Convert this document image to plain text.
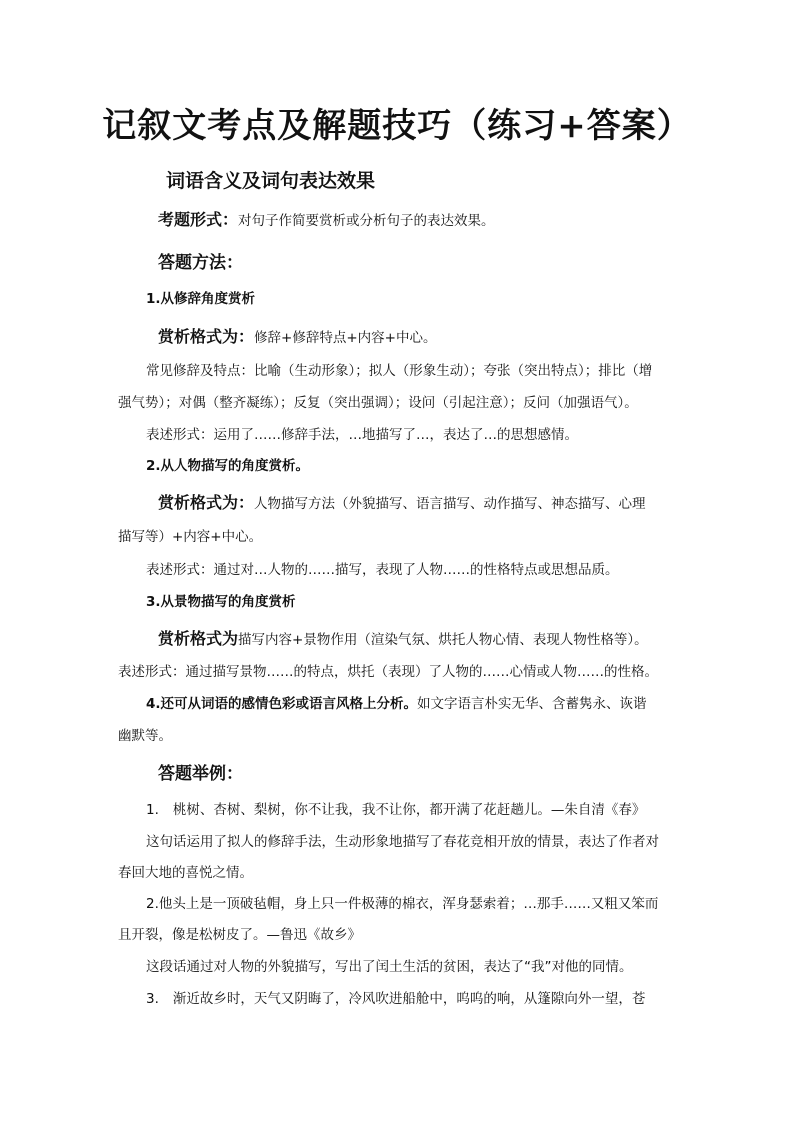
记叙文考点及解题技巧（练习+答案）
词语含义及词句表达效果
考题形式：对句子作简要赏析或分析句子的表达效果。
答题方法：
1.从修辞角度赏析
赏析格式为：修辞+修辞特点+内容+中心。
常见修辞及特点：比喻（生动形象）；拟人（形象生动）；夸张（突出特点）；排比（增
强气势）；对偶（整齐凝练）；反复（突出强调）；设问（引起注意）；反问（加强语气）。
表述形式：运用了……修辞手法，…地描写了…，表达了…的思想感情。
2.从人物描写的角度赏析。
赏析格式为：人物描写方法（外貌描写、语言描写、动作描写、神态描写、心理
描写等）+内容+中心。
表述形式：通过对…人物的……描写，表现了人物……的性格特点或思想品质。
3.从景物描写的角度赏析
赏析格式为描写内容+景物作用（渲染气氛、烘托人物心情、表现人物性格等）。
表述形式：通过描写景物……的特点，烘托（表现）了人物的……心情或人物……的性格。
4.还可从词语的感情色彩或语言风格上分析。如文字语言朴实无华、含蓄隽永、诙谐
幽默等。
答题举例：
1. 桃树、杏树、梨树，你不让我，我不让你，都开满了花赶趟儿。—朱自清《春》
这句话运用了拟人的修辞手法，生动形象地描写了春花竞相开放的情景，表达了作者对
春回大地的喜悦之情。
2.他头上是一顶破毡帽，身上只一件极薄的棉衣，浑身瑟索着；…那手……又粗又笨而
且开裂，像是松树皮了。—鲁迅《故乡》
这段话通过对人物的外貌描写，写出了闰土生活的贫困，表达了“我”对他的同情。
3. 渐近故乡时，天气又阴晦了，冷风吹进船舱中，呜呜的响，从篷隙向外一望，苍
